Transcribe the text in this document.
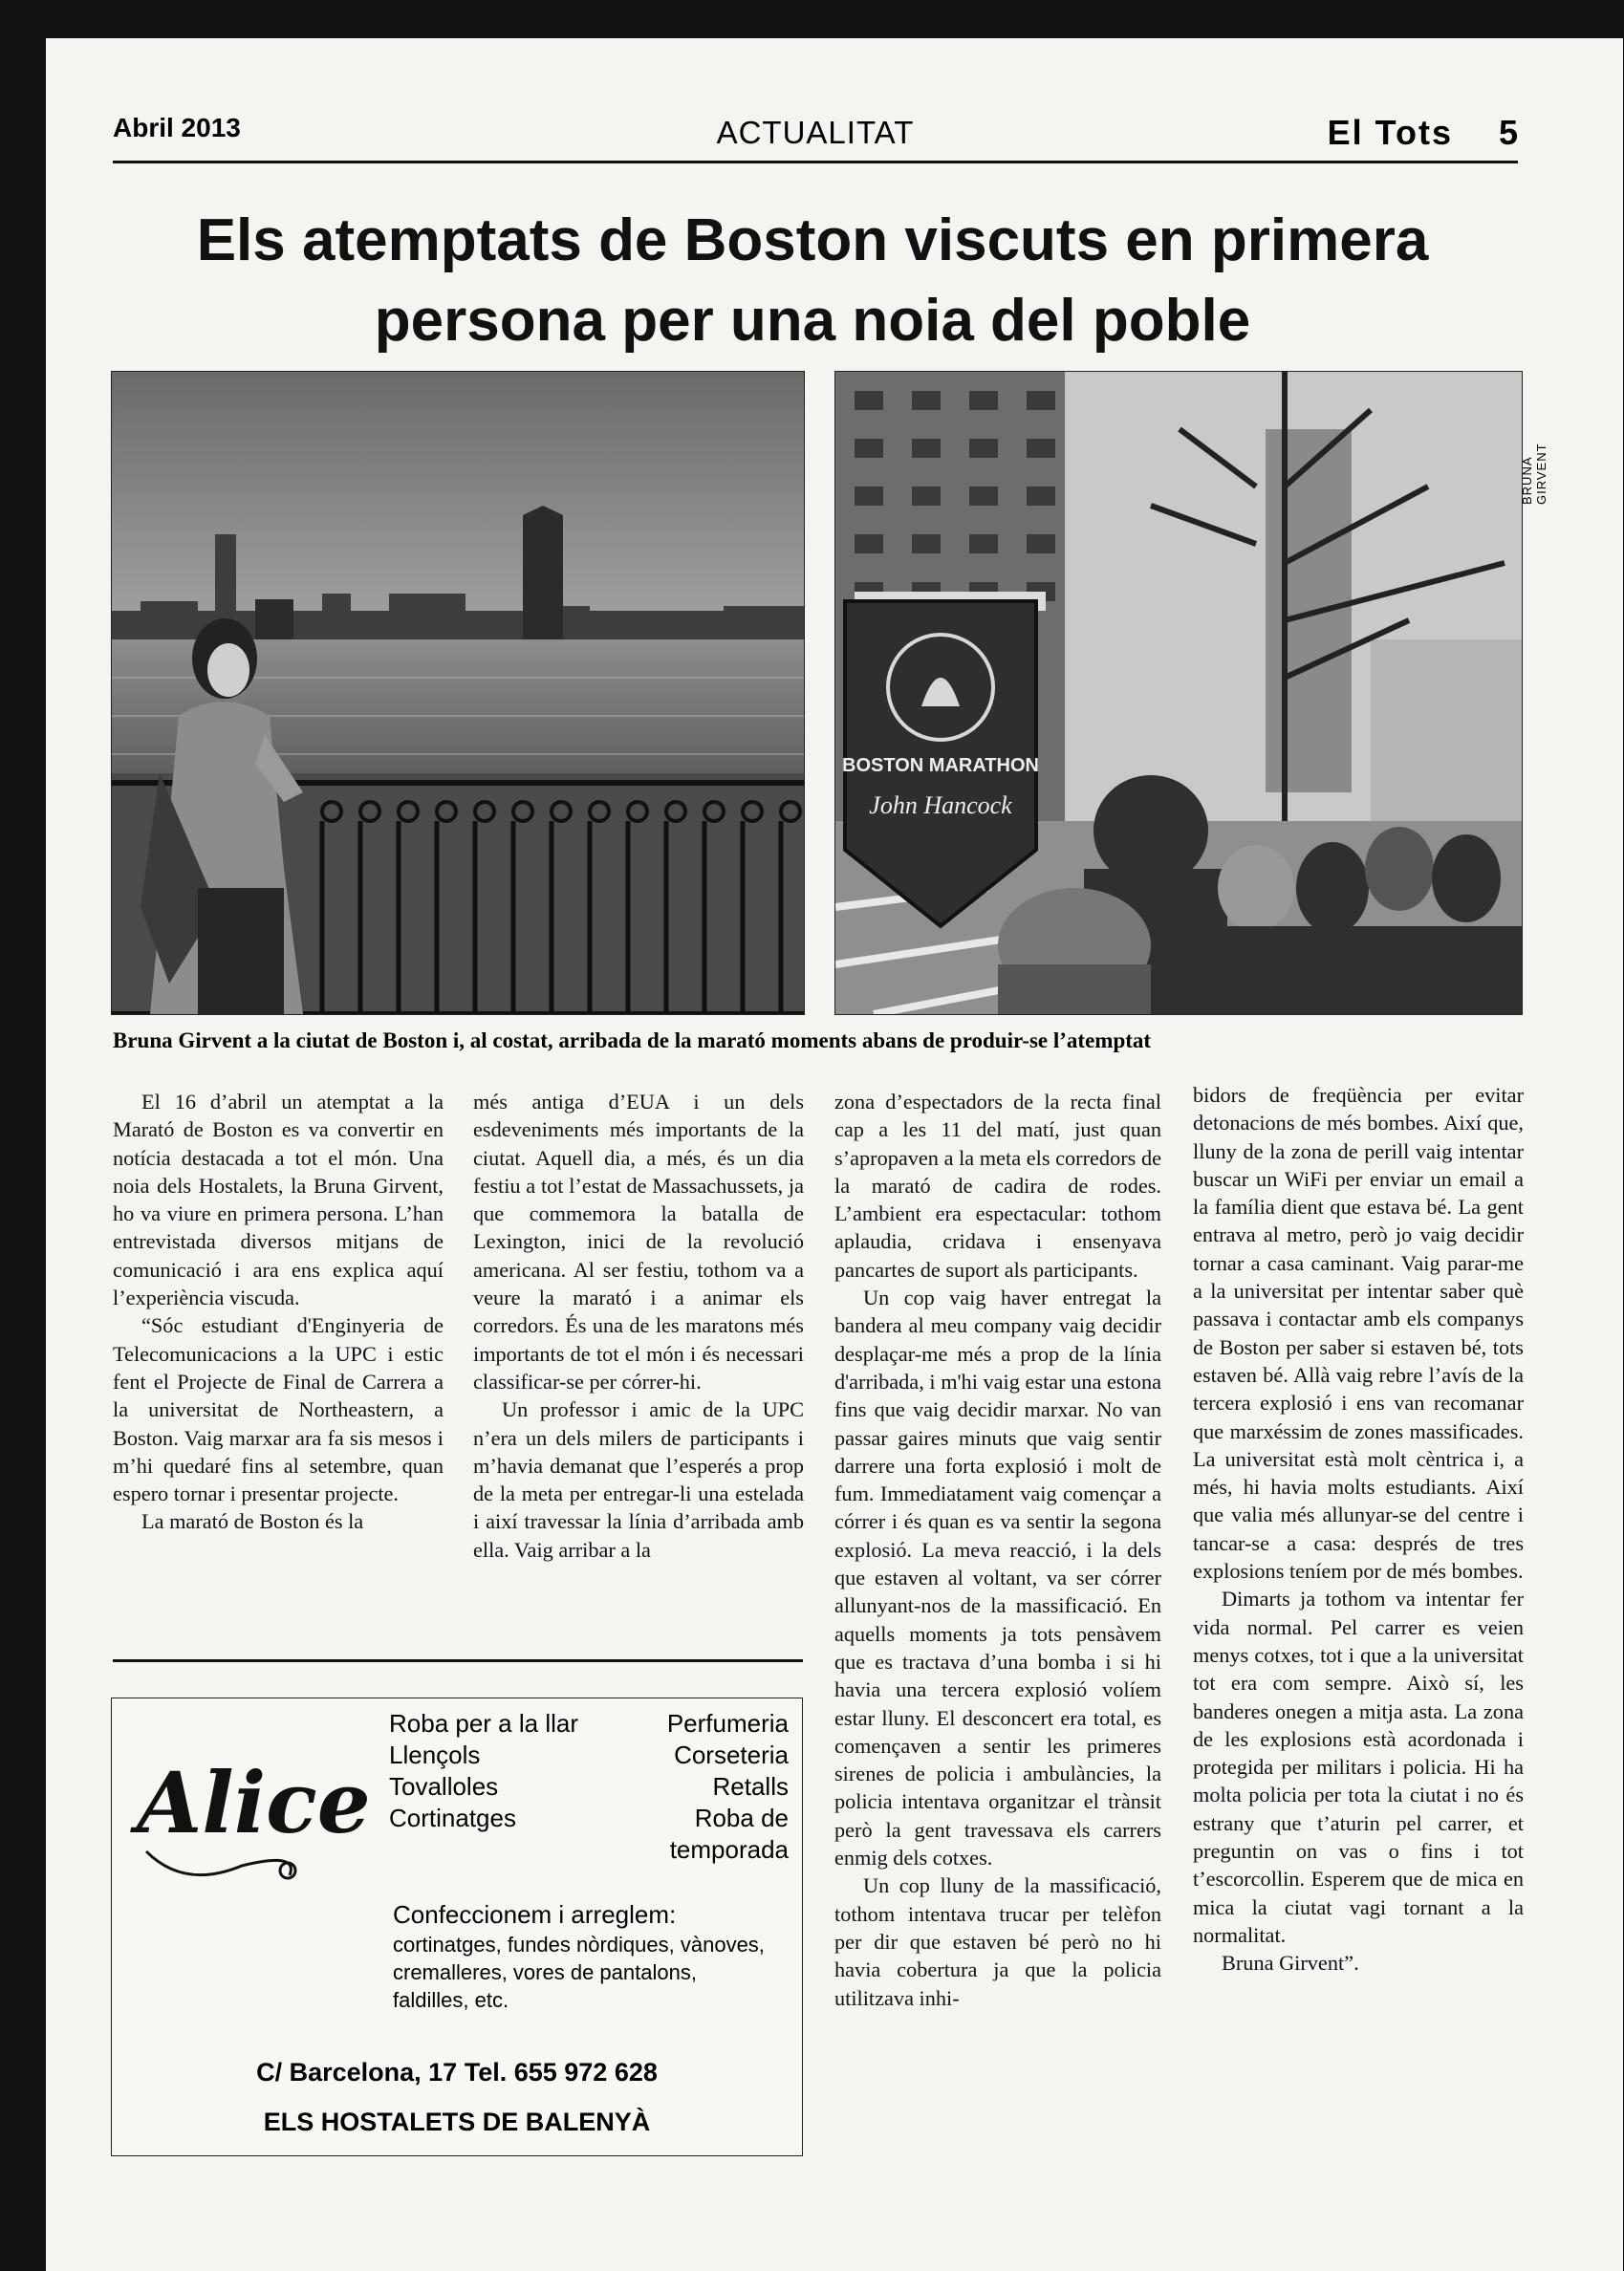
Abril 2013	ACTUALITAT	El Tots 5
Els atemptats de Boston viscuts en primera
persona per una noia del poble
BOSTON MARATHON
John Hancock
BRUNA GIRVENT
Bruna Girvent a la ciutat de Boston i, al costat, arribada de la marató moments abans de produir-se l’atemptat

El 16 d’abril un atemptat a la Marató de Boston es va convertir en notícia destacada a tot el món. Una noia dels Hostalets, la Bruna Girvent, ho va viure en primera persona. L’han entrevistada diversos mitjans de comunicació i ara ens explica aquí l’experiència viscuda.

“Sóc estudiant d'Enginyeria de Telecomunicacions a la UPC i estic fent el Projecte de Final de Carrera a la universitat de Northeastern, a Boston. Vaig marxar ara fa sis mesos i m’hi quedaré fins al setembre, quan espero tornar i presentar projecte.

La marató de Boston és la

més antiga d’EUA i un dels esdeveniments més importants de la ciutat. Aquell dia, a més, és un dia festiu a tot l’estat de Massachussets, ja que commemora la batalla de Lexington, inici de la revolució americana. Al ser festiu, tothom va a veure la marató i a animar els corredors. És una de les maratons més importants de tot el món i és necessari classificar-se per córrer-hi.

Un professor i amic de la UPC n’era un dels milers de participants i m’havia demanat que l’esperés a prop de la meta per entregar-li una estelada i així travessar la línia d’arribada amb ella. Vaig arribar a la

zona d’espectadors de la recta final cap a les 11 del matí, just quan s’apropaven a la meta els corredors de la marató de cadira de rodes. L’ambient era espectacular: tothom aplaudia, cridava i ensenyava pancartes de suport als participants.

Un cop vaig haver entregat la bandera al meu company vaig decidir desplaçar-me més a prop de la línia d'arribada, i m'hi vaig estar una estona fins que vaig decidir marxar. No van passar gaires minuts que vaig sentir darrere una forta explosió i molt de fum. Immediatament vaig començar a córrer i és quan es va sentir la segona explosió. La meva reacció, i la dels que estaven al voltant, va ser córrer allunyant-nos de la massificació. En aquells moments ja tots pensàvem que es tractava d’una bomba i si hi havia una tercera explosió volíem estar lluny. El desconcert era total, es començaven a sentir les primeres sirenes de policia i ambulàncies, la policia intentava organitzar el trànsit però la gent travessava els carrers enmig dels cotxes.

Un cop lluny de la massificació, tothom intentava trucar per telèfon per dir que estaven bé però no hi havia cobertura ja que la policia utilitzava inhi-

bidors de freqüència per evitar detonacions de més bombes. Així que, lluny de la zona de perill vaig intentar buscar un WiFi per enviar un email a la família dient que estava bé. La gent entrava al metro, però jo vaig decidir tornar a casa caminant. Vaig parar-me a la universitat per intentar saber què passava i contactar amb els companys de Boston per saber si estaven bé, tots estaven bé. Allà vaig rebre l’avís de la tercera explosió i ens van recomanar que marxéssim de zones massificades. La universitat està molt cèntrica i, a més, hi havia molts estudiants. Així que valia més allunyar-se del centre i tancar-se a casa: després de tres explosions teníem por de més bombes.

Dimarts ja tothom va intentar fer vida normal. Pel carrer es veien menys cotxes, tot i que a la universitat tot era com sempre. Això sí, les banderes onegen a mitja asta. La zona de les explosions està acordonada i protegida per militars i policia. Hi ha molta policia per tota la ciutat i no és estrany que t’aturin pel carrer, et preguntin on vas o fins i tot t’escorcollin. Esperem que de mica en mica la ciutat vagi tornant a la normalitat.

Bruna Girvent”.

Alice
Roba per a la llar
Llençols
Tovalloles
Cortinatges
Perfumeria
Corseteria
Retalls
Roba de
temporada
Confeccionem i arreglem:
cortinatges, fundes nòrdiques, vànoves, cremalleres, vores de pantalons, faldilles, etc.
C/ Barcelona, 17 Tel. 655 972 628
ELS HOSTALETS DE BALENYÀ
